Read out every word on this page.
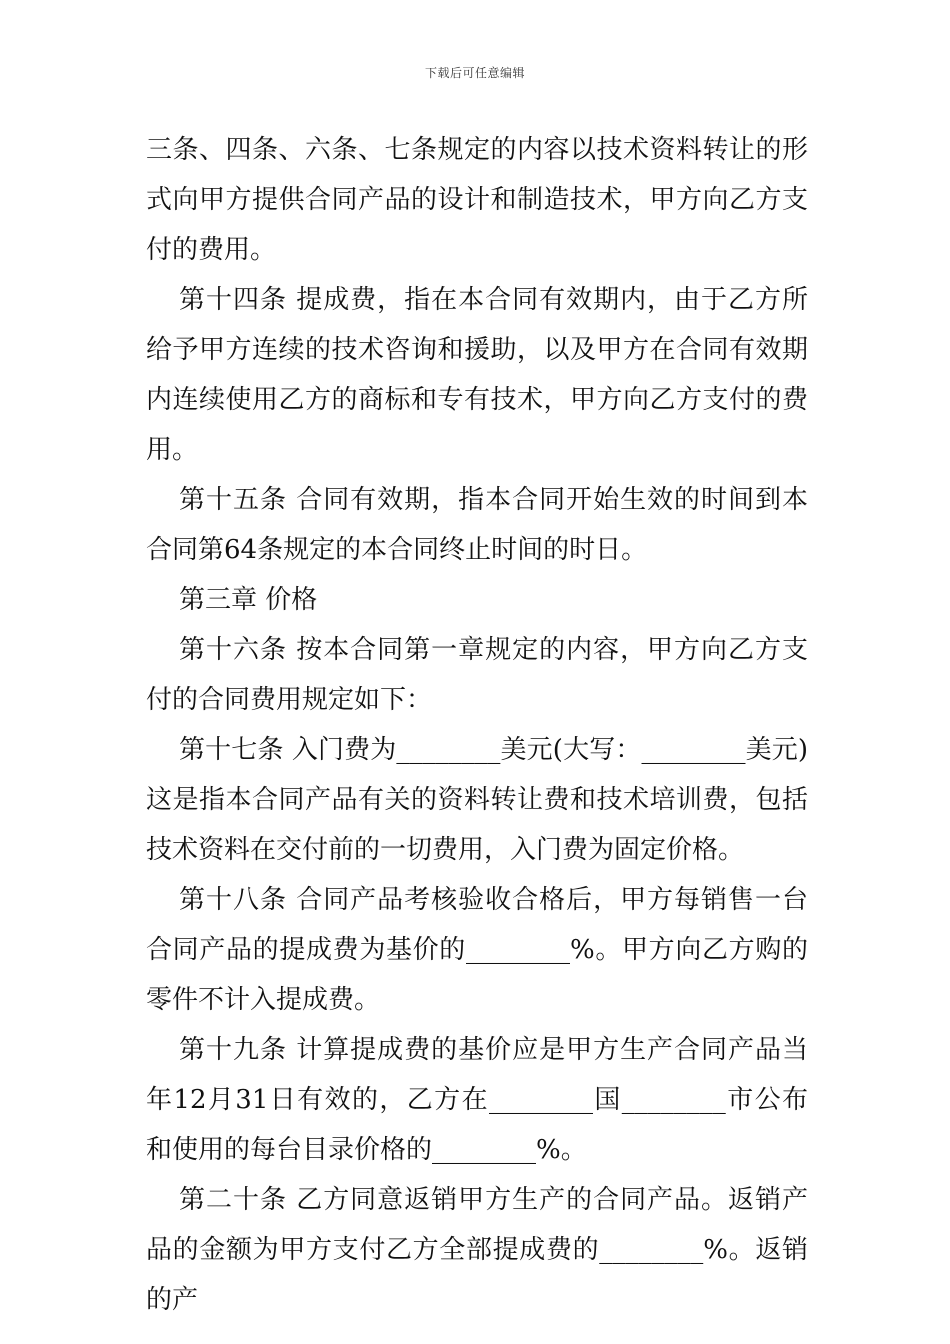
下载后可任意编辑

三条、四条、六条、七条规定的内容以技术资料转让的形式向甲方提供合同产品的设计和制造技术，甲方向乙方支付的费用。

第十四条 提成费，指在本合同有效期内，由于乙方所给予甲方连续的技术咨询和援助，以及甲方在合同有效期内连续使用乙方的商标和专有技术，甲方向乙方支付的费用。

第十五条 合同有效期，指本合同开始生效的时间到本合同第64条规定的本合同终止时间的时日。

第三章 价格

第十六条 按本合同第一章规定的内容，甲方向乙方支付的合同费用规定如下：

第十七条 入门费为________美元(大写：________美元)这是指本合同产品有关的资料转让费和技术培训费，包括技术资料在交付前的一切费用，入门费为固定价格。

第十八条 合同产品考核验收合格后，甲方每销售一台合同产品的提成费为基价的________%。甲方向乙方购的零件不计入提成费。

第十九条 计算提成费的基价应是甲方生产合同产品当年12月31日有效的，乙方在________国________市公布和使用的每台目录价格的________%。

第二十条 乙方同意返销甲方生产的合同产品。返销产品的金额为甲方支付乙方全部提成费的________%。返销的产
